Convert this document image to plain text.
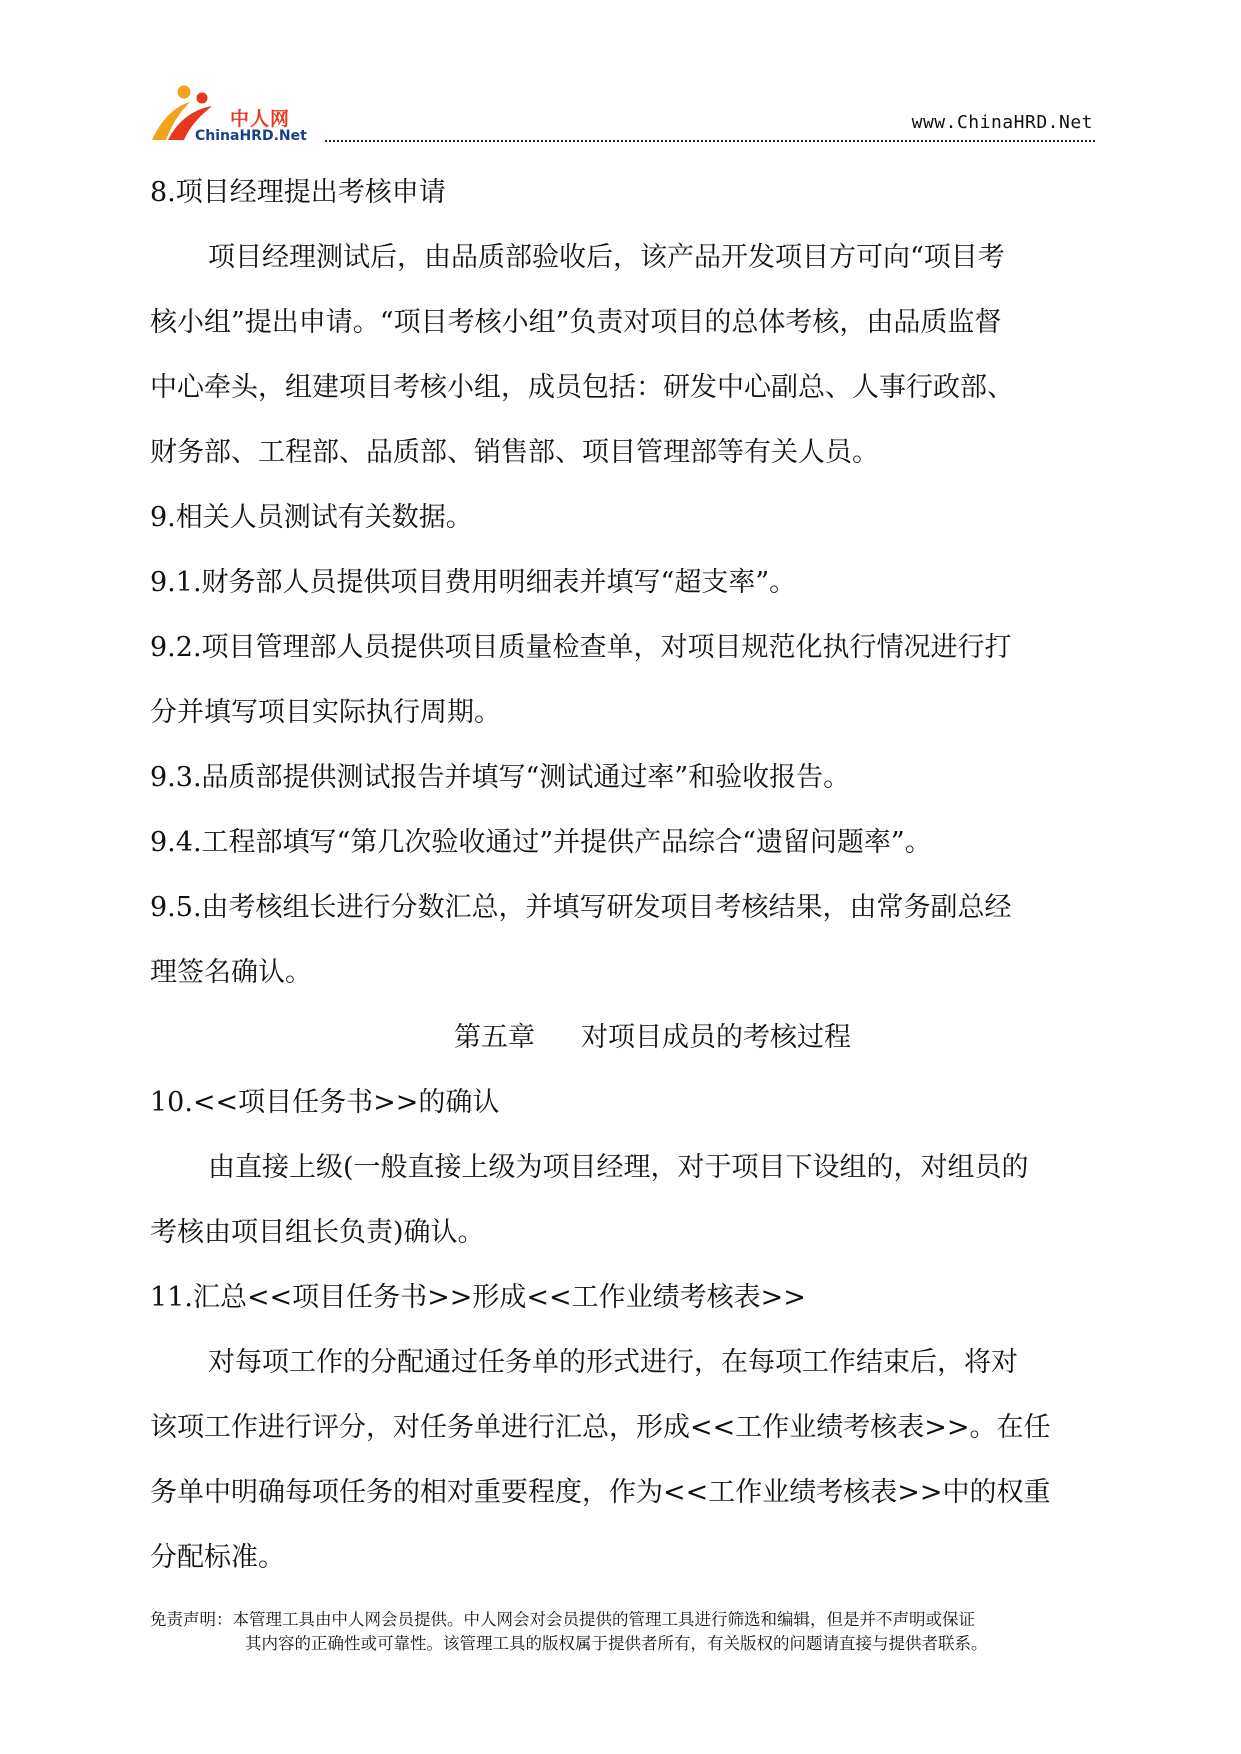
中人网
ChinaHRD.Net
www.ChinaHRD.Net

8.项目经理提出考核申请

项目经理测试后，由品质部验收后，该产品开发项目方可向“项目考

核小组”提出申请。“项目考核小组”负责对项目的总体考核，由品质监督

中心牵头，组建项目考核小组，成员包括：研发中心副总、人事行政部、

财务部、工程部、品质部、销售部、项目管理部等有关人员。

9.相关人员测试有关数据。

9.1.财务部人员提供项目费用明细表并填写“超支率”。

9.2.项目管理部人员提供项目质量检查单，对项目规范化执行情况进行打

分并填写项目实际执行周期。

9.3.品质部提供测试报告并填写“测试通过率”和验收报告。

9.4.工程部填写“第几次验收通过”并提供产品综合“遗留问题率”。

9.5.由考核组长进行分数汇总，并填写研发项目考核结果，由常务副总经

理签名确认。

第五章 对项目成员的考核过程

10.<<项目任务书>>的确认

由直接上级(一般直接上级为项目经理，对于项目下设组的，对组员的

考核由项目组长负责)确认。

11.汇总<<项目任务书>>形成<<工作业绩考核表>>

对每项工作的分配通过任务单的形式进行，在每项工作结束后，将对

该项工作进行评分，对任务单进行汇总，形成<<工作业绩考核表>>。在任

务单中明确每项任务的相对重要程度，作为<<工作业绩考核表>>中的权重

分配标准。

免责声明：本管理工具由中人网会员提供。中人网会对会员提供的管理工具进行筛选和编辑，但是并不声明或保证
其内容的正确性或可靠性。该管理工具的版权属于提供者所有，有关版权的问题请直接与提供者联系。
